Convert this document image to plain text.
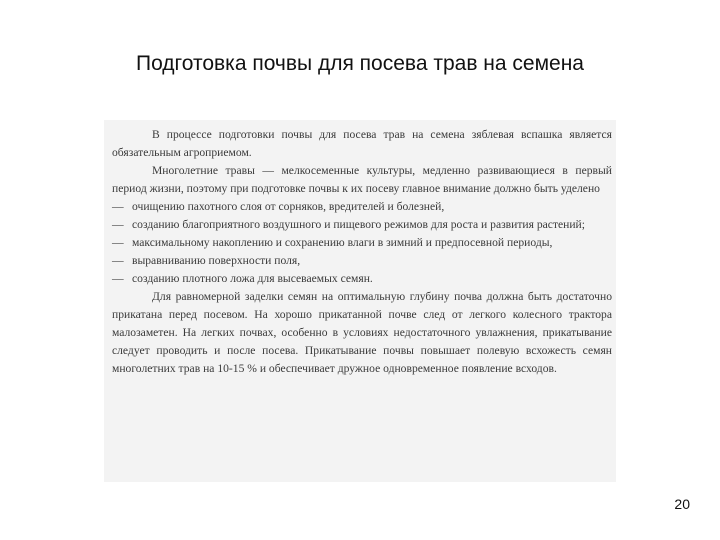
Подготовка почвы для посева трав на семена

В процессе подготовки почвы для посева трав на семена зяблевая вспашка является обязательным агроприемом.

Многолетние травы — мелкосеменные культуры, медленно развивающиеся в первый период жизни, поэтому при подготовке почвы к их посеву главное внимание должно быть уделено

— очищению пахотного слоя от сорняков, вредителей и болезней,

— созданию благоприятного воздушного и пищевого режимов для роста и развития растений;

— максимальному накоплению и сохранению влаги в зимний и предпосевной периоды,

— выравниванию поверхности поля,

— созданию плотного ложа для высеваемых семян.

Для равномерной заделки семян на оптимальную глубину почва должна быть достаточно прикатана перед посевом. На хорошо прикатанной почве след от легкого колесного трактора малозаметен. На легких почвах, особенно в условиях недостаточного увлажнения, прикатывание следует проводить и после посева. Прикатывание почвы повышает полевую всхожесть семян многолетних трав на 10-15 % и обеспечивает дружное одновременное появление всходов.

20
